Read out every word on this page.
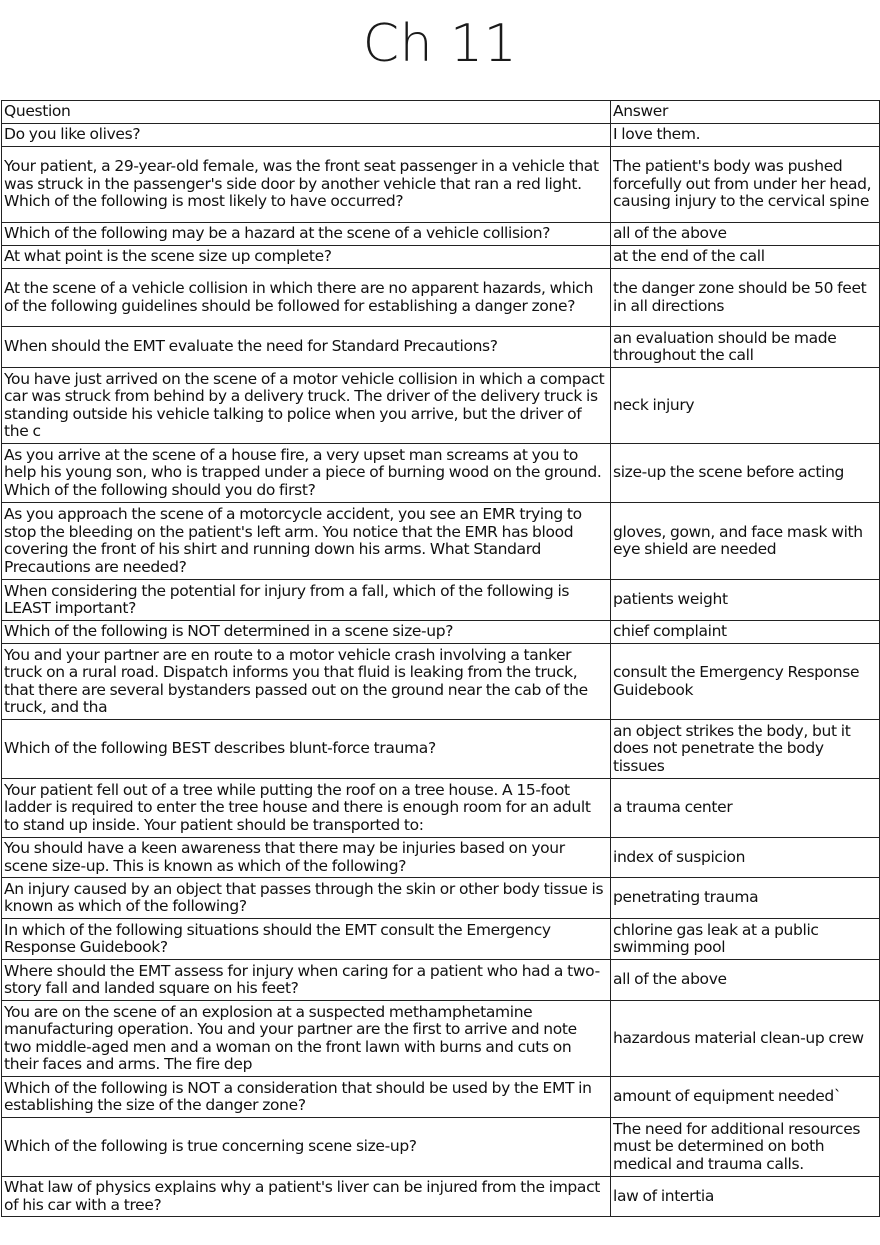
Ch 11
Question	Answer
Do you like olives?	I love them.
Your patient, a 29-year-old female, was the front seat passenger in a vehicle that was struck in the passenger's side door by another vehicle that ran a red light. Which of the following is most likely to have occurred?	The patient's body was pushed forcefully out from under her head, causing injury to the cervical spine
Which of the following may be a hazard at the scene of a vehicle collision?	all of the above
At what point is the scene size up complete?	at the end of the call
At the scene of a vehicle collision in which there are no apparent hazards, which of the following guidelines should be followed for establishing a danger zone?	the danger zone should be 50 feet in all directions
When should the EMT evaluate the need for Standard Precautions?	an evaluation should be made throughout the call
You have just arrived on the scene of a motor vehicle collision in which a compact car was struck from behind by a delivery truck. The driver of the delivery truck is standing outside his vehicle talking to police when you arrive, but the driver of the c	neck injury
As you arrive at the scene of a house fire, a very upset man screams at you to help his young son, who is trapped under a piece of burning wood on the ground. Which of the following should you do first?	size-up the scene before acting
As you approach the scene of a motorcycle accident, you see an EMR trying to stop the bleeding on the patient's left arm. You notice that the EMR has blood covering the front of his shirt and running down his arms. What Standard Precautions are needed?	gloves, gown, and face mask with eye shield are needed
When considering the potential for injury from a fall, which of the following is LEAST important?	patients weight
Which of the following is NOT determined in a scene size-up?	chief complaint
You and your partner are en route to a motor vehicle crash involving a tanker truck on a rural road. Dispatch informs you that fluid is leaking from the truck, that there are several bystanders passed out on the ground near the cab of the truck, and tha	consult the Emergency Response Guidebook
Which of the following BEST describes blunt-force trauma?	an object strikes the body, but it does not penetrate the body tissues
Your patient fell out of a tree while putting the roof on a tree house. A 15-foot ladder is required to enter the tree house and there is enough room for an adult to stand up inside. Your patient should be transported to:	a trauma center
You should have a keen awareness that there may be injuries based on your scene size-up. This is known as which of the following?	index of suspicion
An injury caused by an object that passes through the skin or other body tissue is known as which of the following?	penetrating trauma
In which of the following situations should the EMT consult the Emergency Response Guidebook?	chlorine gas leak at a public swimming pool
Where should the EMT assess for injury when caring for a patient who had a two-story fall and landed square on his feet?	all of the above
You are on the scene of an explosion at a suspected methamphetamine manufacturing operation. You and your partner are the first to arrive and note two middle-aged men and a woman on the front lawn with burns and cuts on their faces and arms. The fire dep	hazardous material clean-up crew
Which of the following is NOT a consideration that should be used by the EMT in establishing the size of the danger zone?	amount of equipment needed`
Which of the following is true concerning scene size-up?	The need for additional resources must be determined on both medical and trauma calls.
What law of physics explains why a patient's liver can be injured from the impact of his car with a tree?	law of intertia
